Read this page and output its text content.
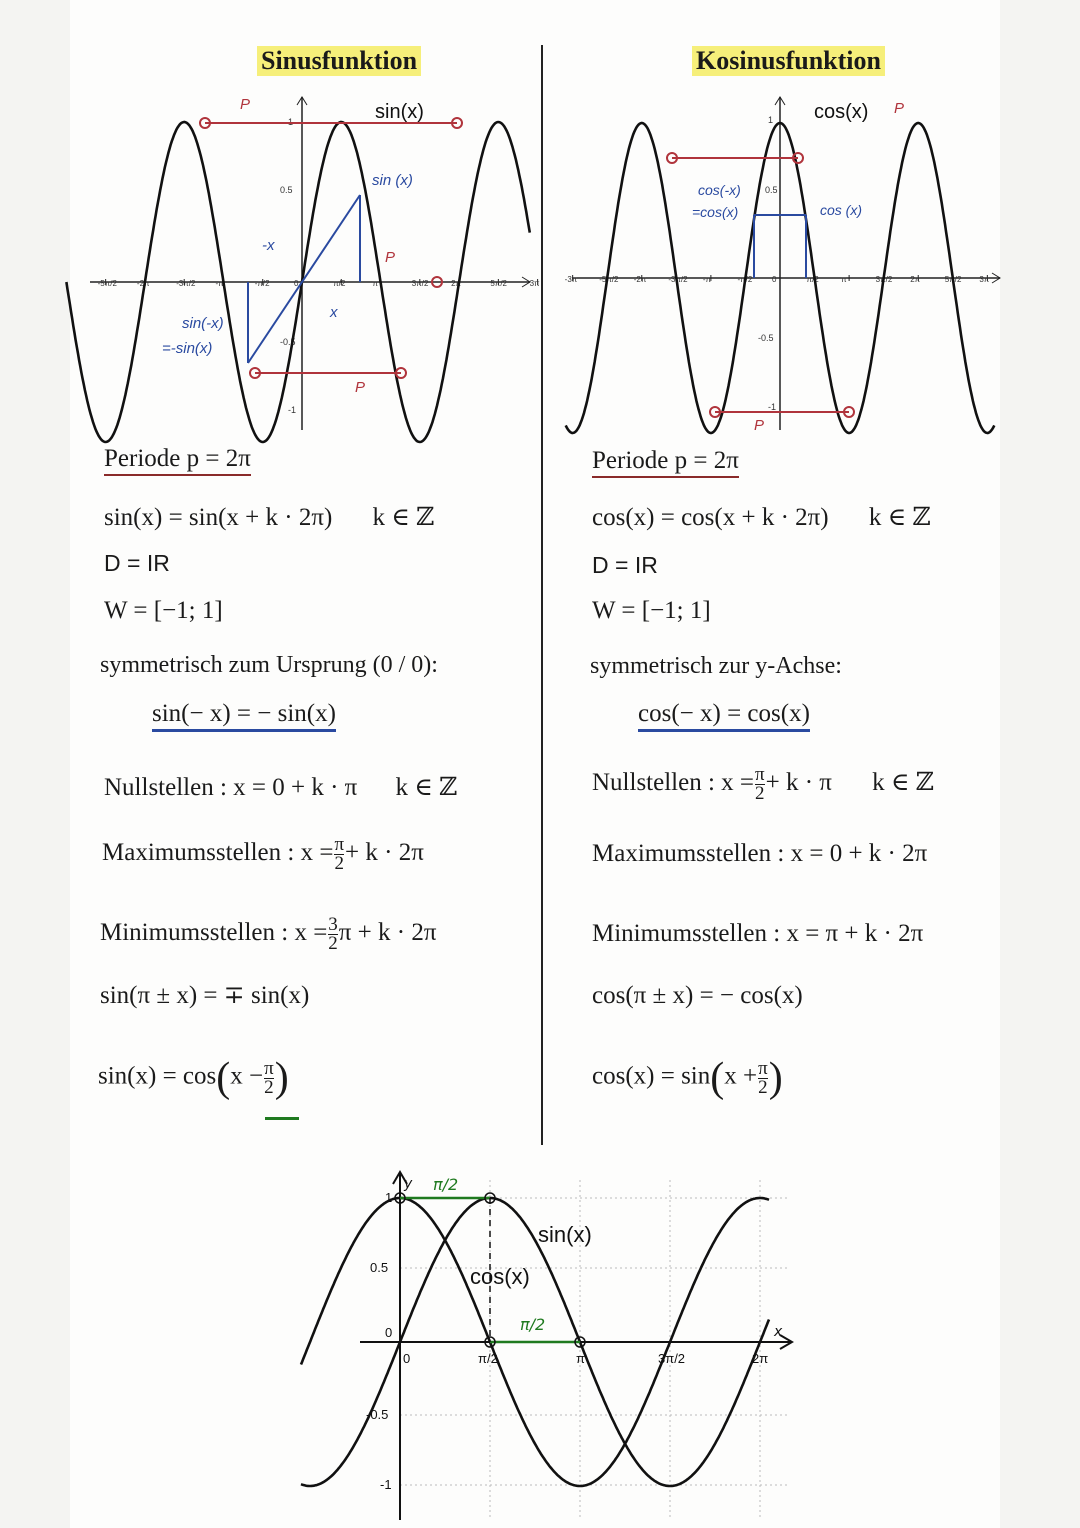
-5π/2 -2π	-3π/2 -π	-π/2	0	π/2	π	3π/2	2π	5π/2	3π
1
0.5
-0.5
-1
P
P
P
sin (x)
-x
x
sin(-x)
=-sin(x)
sin(x)
-3π	-5π/2 -2π	-3π/2 -π	-π/2 0	π/2	π	3π/2 2π	5π/2 3π
1
0.5
-0.5
-1
P
P
cos(-x)
=cos(x)	cos (x)
cos(x)
Sinusfunktion
Periode p = 2π
sin(x) = sin(x + k · 2π) k ∈ ℤ
D = IR
W = [−1; 1]
symmetrisch zum Ursprung (0 / 0):
sin(− x) = − sin(x)
Nullstellen : x = 0 + k · π k ∈ ℤ
Maximumsstellen : $x = \frac{\pi}{2} + k \cdot 2\pi$
Minimumsstellen : $x = \frac{3}{2}$ π + k · 2π
sin(π ± x) = ∓ sin(x)
$\sin(x) = \cos(x - \frac{\pi}{2}$ )
Kosinusfunktion
Periode p = 2π
cos(x) = cos(x + k · 2π) k ∈ ℤ
D = IR
W = [−1; 1]
symmetrisch zur y-Achse:
cos(− x) = cos(x)
Nullstellen : $x = \frac{\pi}{2} + k \cdot \pi$ k ∈ ℤ
Maximumsstellen : x = 0 + k · 2π
Minimumsstellen : x = π + k · 2π
cos(π ± x) = − cos(x)
$\cos(x) = \sin(x + \frac{\pi}{2}$ )
x
y
1
0.5
0
-0.5
-1
0	π/2	π	3π/2	2π
π/2
π/2
sin(x)
cos(x)
